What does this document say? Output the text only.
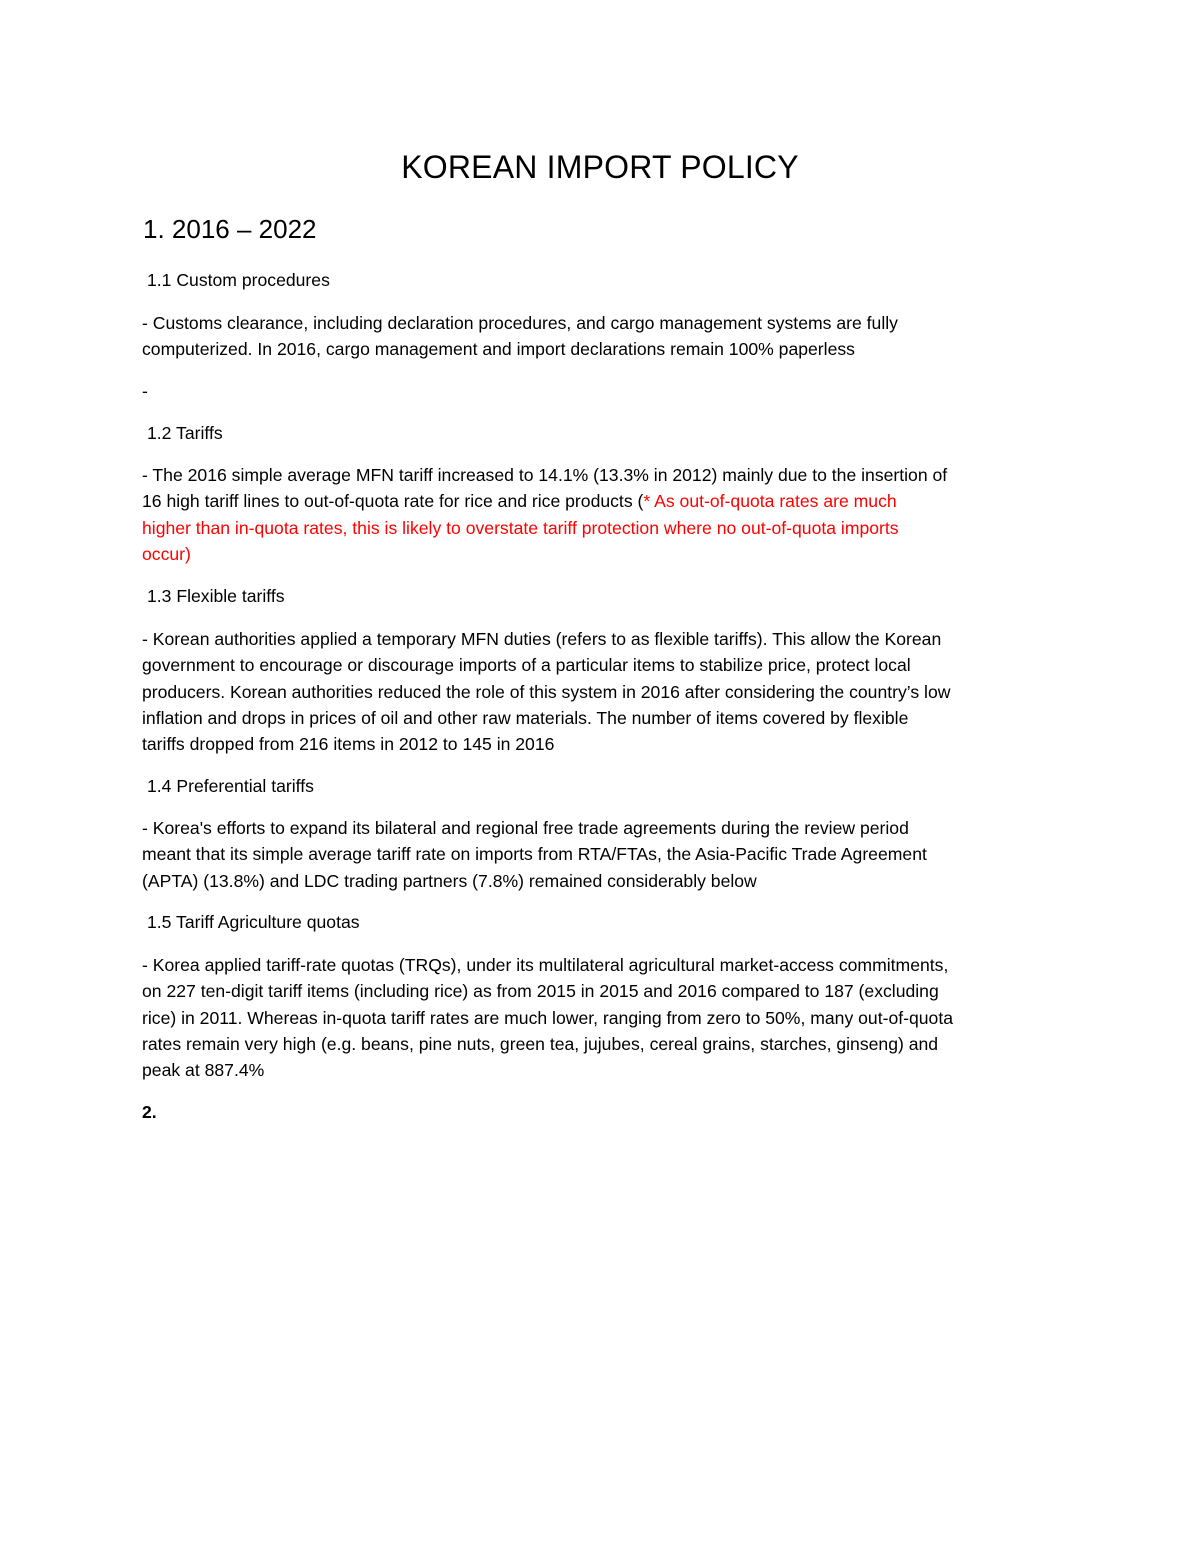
KOREAN IMPORT POLICY
1. 2016 – 2022

1.1 Custom procedures

- Customs clearance, including declaration procedures, and cargo management systems are fully
computerized. In 2016, cargo management and import declarations remain 100% paperless

-

1.2 Tariffs

- The 2016 simple average MFN tariff increased to 14.1% (13.3% in 2012) mainly due to the insertion of
16 high tariff lines to out-of-quota rate for rice and rice products (* As out-of-quota rates are much
higher than in-quota rates, this is likely to overstate tariff protection where no out-of-quota imports
occur)

1.3 Flexible tariffs

- Korean authorities applied a temporary MFN duties (refers to as flexible tariffs). This allow the Korean
government to encourage or discourage imports of a particular items to stabilize price, protect local
producers. Korean authorities reduced the role of this system in 2016 after considering the country’s low
inflation and drops in prices of oil and other raw materials. The number of items covered by flexible
tariffs dropped from 216 items in 2012 to 145 in 2016

1.4 Preferential tariffs

- Korea's efforts to expand its bilateral and regional free trade agreements during the review period
meant that its simple average tariff rate on imports from RTA/FTAs, the Asia-Pacific Trade Agreement
(APTA) (13.8%) and LDC trading partners (7.8%) remained considerably below

1.5 Tariff Agriculture quotas

- Korea applied tariff-rate quotas (TRQs), under its multilateral agricultural market-access commitments,
on 227 ten-digit tariff items (including rice) as from 2015 in 2015 and 2016 compared to 187 (excluding
rice) in 2011. Whereas in-quota tariff rates are much lower, ranging from zero to 50%, many out-of-quota
rates remain very high (e.g. beans, pine nuts, green tea, jujubes, cereal grains, starches, ginseng) and
peak at 887.4%

2.
